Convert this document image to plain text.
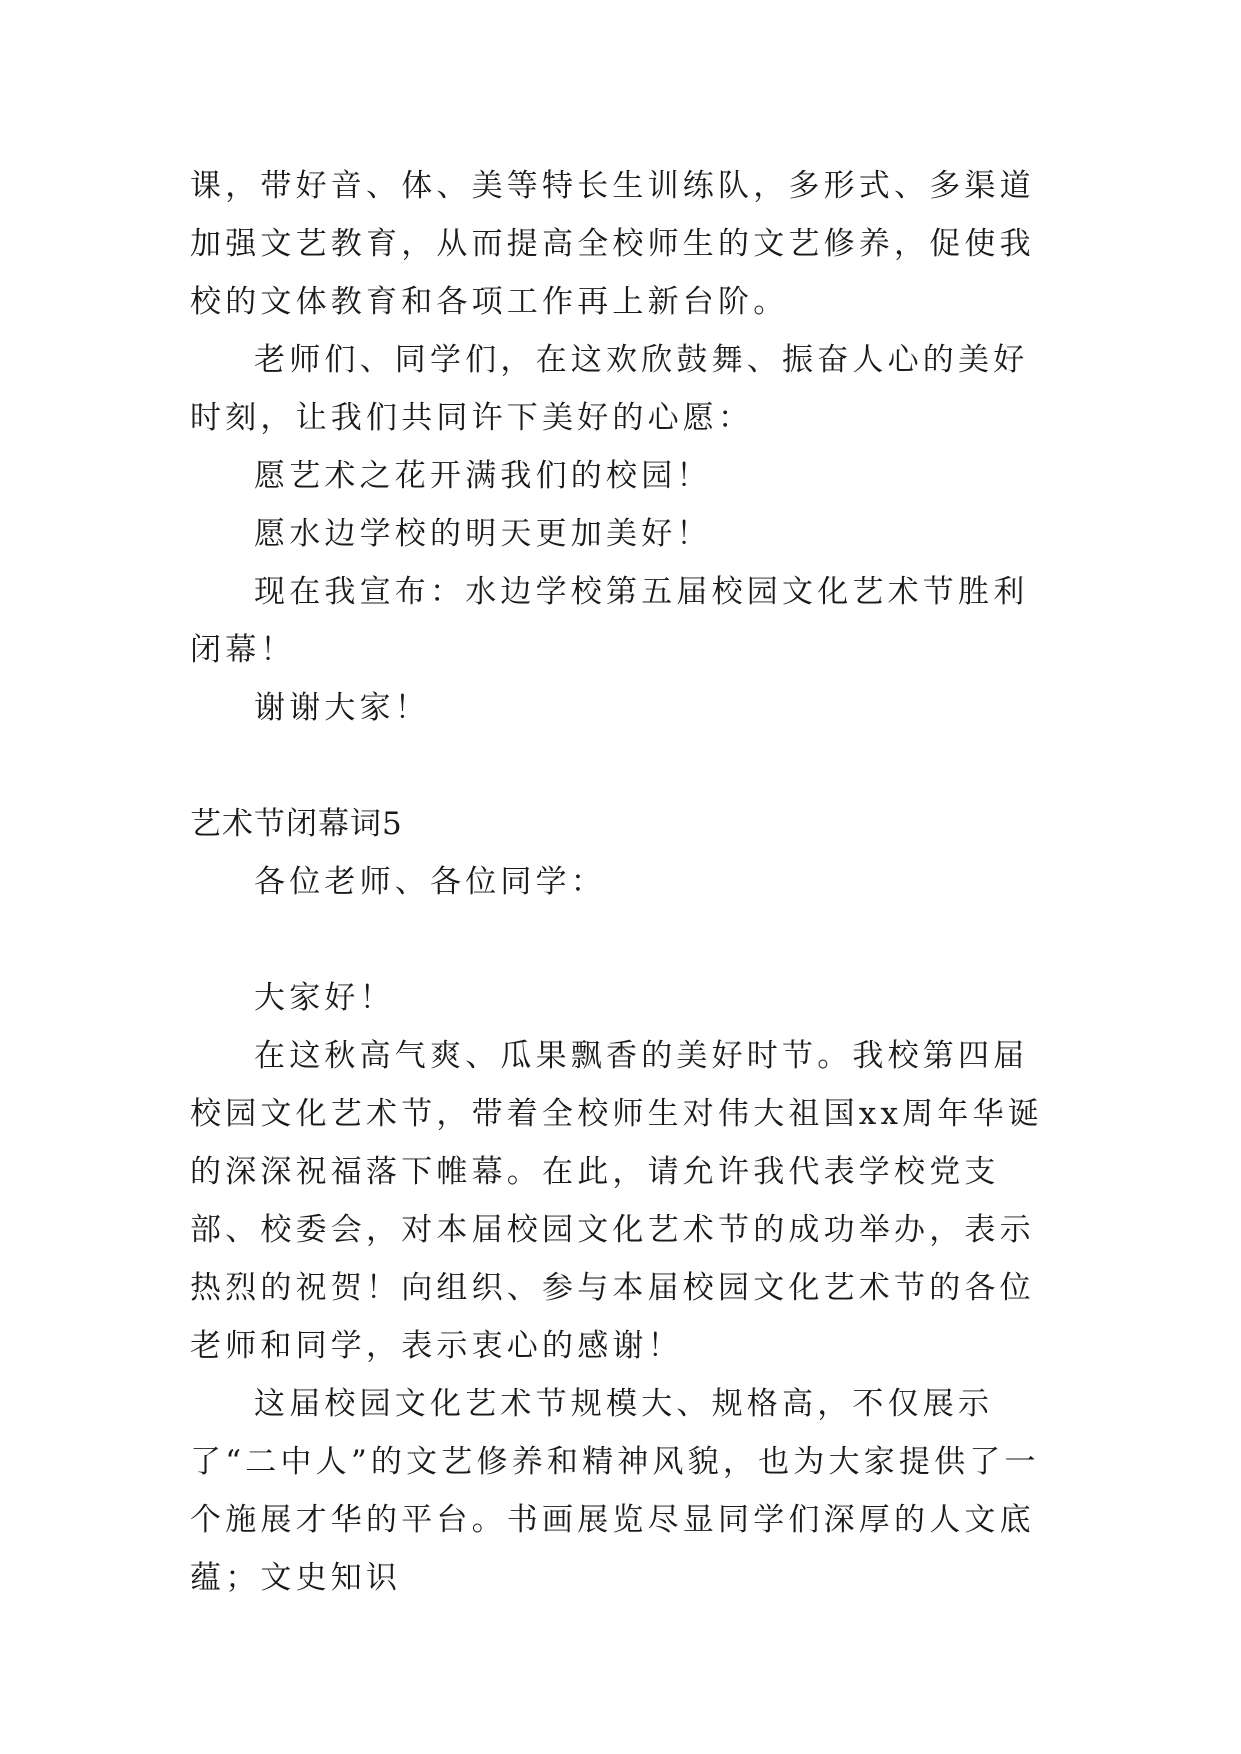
课，带好音、体、美等特长生训练队，多形式、多渠道加强文艺教育，从而提高全校师生的文艺修养，促使我校的文体教育和各项工作再上新台阶。

老师们、同学们，在这欢欣鼓舞、振奋人心的美好时刻，让我们共同许下美好的心愿：

愿艺术之花开满我们的校园！

愿水边学校的明天更加美好！

现在我宣布：水边学校第五届校园文化艺术节胜利闭幕！

谢谢大家！

艺术节闭幕词5

各位老师、各位同学：

大家好！

在这秋高气爽、瓜果飘香的美好时节。我校第四届校园文化艺术节，带着全校师生对伟大祖国xx周年华诞的深深祝福落下帷幕。在此，请允许我代表学校党支部、校委会，对本届校园文化艺术节的成功举办，表示热烈的祝贺！向组织、参与本届校园文化艺术节的各位老师和同学，表示衷心的感谢！

这届校园文化艺术节规模大、规格高，不仅展示了“二中人”的文艺修养和精神风貌，也为大家提供了一个施展才华的平台。书画展览尽显同学们深厚的人文底蕴；文史知识
